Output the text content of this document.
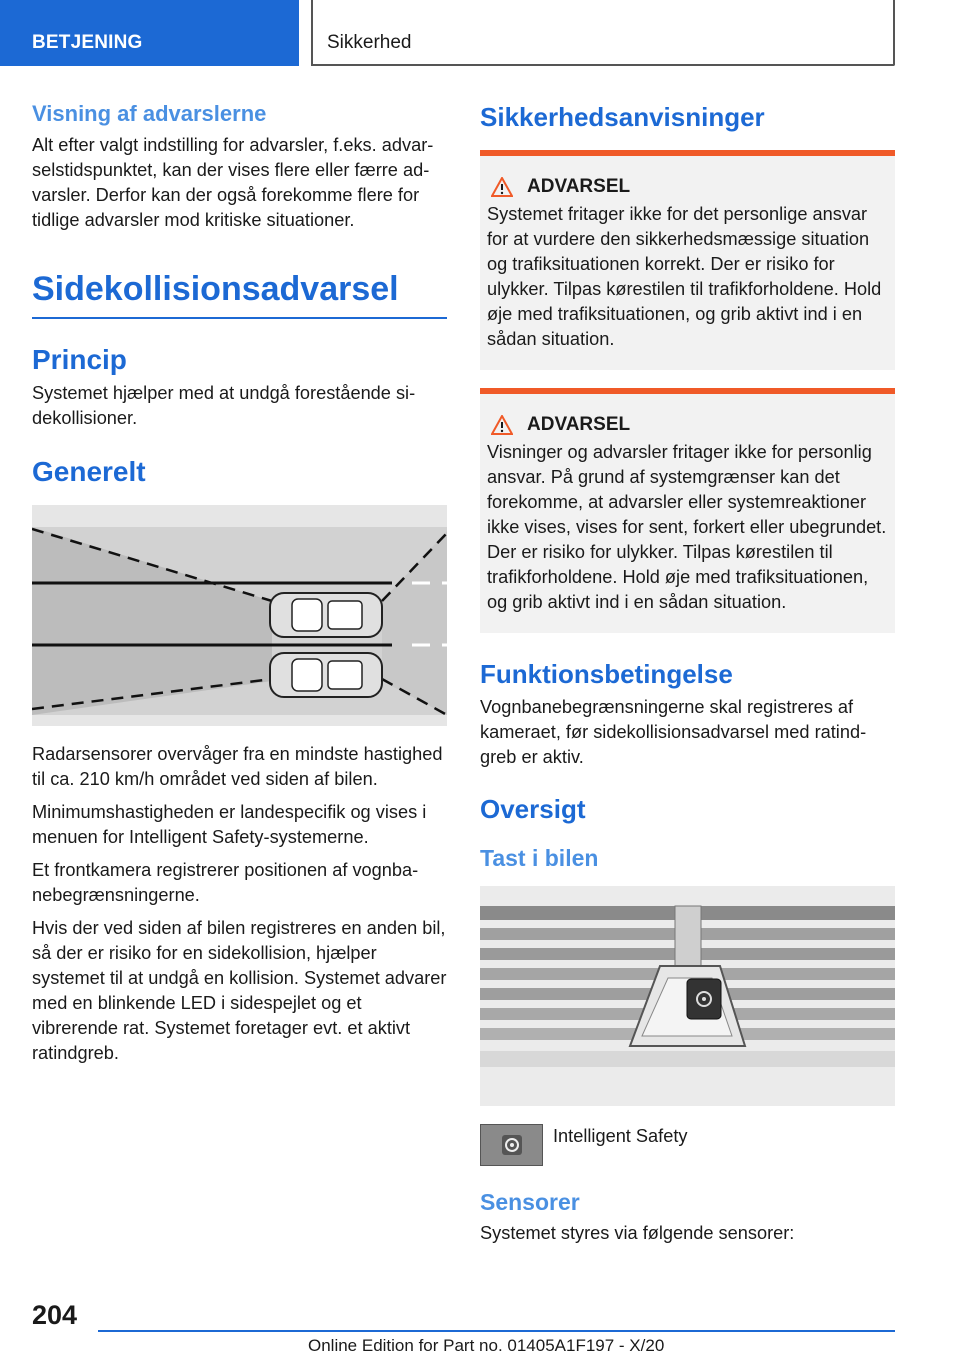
BETJENING	Sikkerhed
Visning af advarslerne

Alt efter valgt indstilling for advarsler, f.eks. advarselstidspunktet, kan der vises flere eller færre advarsler. Derfor kan der også forekomme flere for tidlige advarsler mod kritiske situationer.

Sidekollisionsadvarsel
Princip

Systemet hjælper med at undgå forestående sidekollisioner.

Generelt

Radarsensorer overvåger fra en mindste hastighed til ca. 210 km/h området ved siden af bilen.

Minimumshastigheden er landespecifik og vises i menuen for Intelligent Safety-systemerne.

Et frontkamera registrerer positionen af vognbanebegrænsningerne.

Hvis der ved siden af bilen registreres en anden bil, så der er risiko for en sidekollision, hjælper systemet til at undgå en kollision. Systemet advarer med en blinkende LED i sidespejlet og et vibrerende rat. Systemet foretager evt. et aktivt ratindgreb.

Sikkerhedsanvisninger
ADVARSEL

Systemet fritager ikke for det personlige ansvar for at vurdere den sikkerhedsmæssige situation og trafiksituationen korrekt. Der er risiko for ulykker. Tilpas kørestilen til trafikforholdene. Hold øje med trafiksituationen, og grib aktivt ind i en sådan situation.

ADVARSEL

Visninger og advarsler fritager ikke for personlig ansvar. På grund af systemgrænser kan det forekomme, at advarsler eller systemreaktioner ikke vises, vises for sent, forkert eller ubegrundet. Der er risiko for ulykker. Tilpas kørestilen til trafikforholdene. Hold øje med trafiksituationen, og grib aktivt ind i en sådan situation.

Funktionsbetingelse

Vognbanebegrænsningerne skal registreres af kameraet, før sidekollisionsadvarsel med ratindgreb er aktiv.

Oversigt
Tast i bilen

Intelligent Safety

Sensorer

Systemet styres via følgende sensorer:

204
Online Edition for Part no. 01405A1F197 - X/20
